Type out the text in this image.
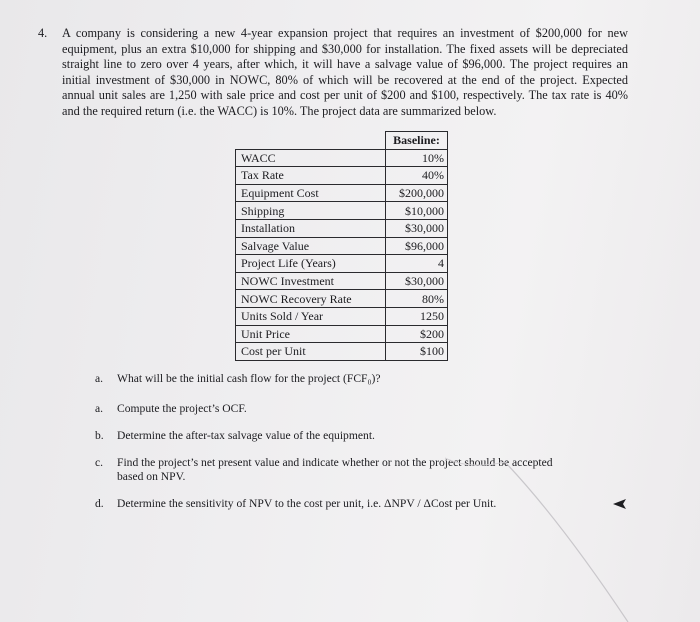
4. A company is considering a new 4-year expansion project that requires an investment of $200,000 for new equipment, plus an extra $10,000 for shipping and $30,000 for installation. The fixed assets will be depreciated straight line to zero over 4 years, after which, it will have a salvage value of $96,000. The project requires an initial investment of $30,000 in NOWC, 80% of which will be recovered at the end of the project. Expected annual unit sales are 1,250 with sale price and cost per unit of $200 and $100, respectively. The tax rate is 40% and the required return (i.e. the WACC) is 10%. The project data are summarized below.
	Baseline:
WACC	10%
Tax Rate	40%
Equipment Cost	$200,000
Shipping	$10,000
Installation	$30,000
Salvage Value	$96,000
Project Life (Years)	4
NOWC Investment	$30,000
NOWC Recovery Rate	80%
Units Sold / Year	1250
Unit Price	$200
Cost per Unit	$100
a. What will be the initial cash flow for the project (FCF₀)?
a. Compute the project’s OCF.
b. Determine the after-tax salvage value of the equipment.
c. Find the project’s net present value and indicate whether or not the project should be accepted
based on NPV.
d. Determine the sensitivity of NPV to the cost per unit, i.e. ΔNPV / ΔCost per Unit.
